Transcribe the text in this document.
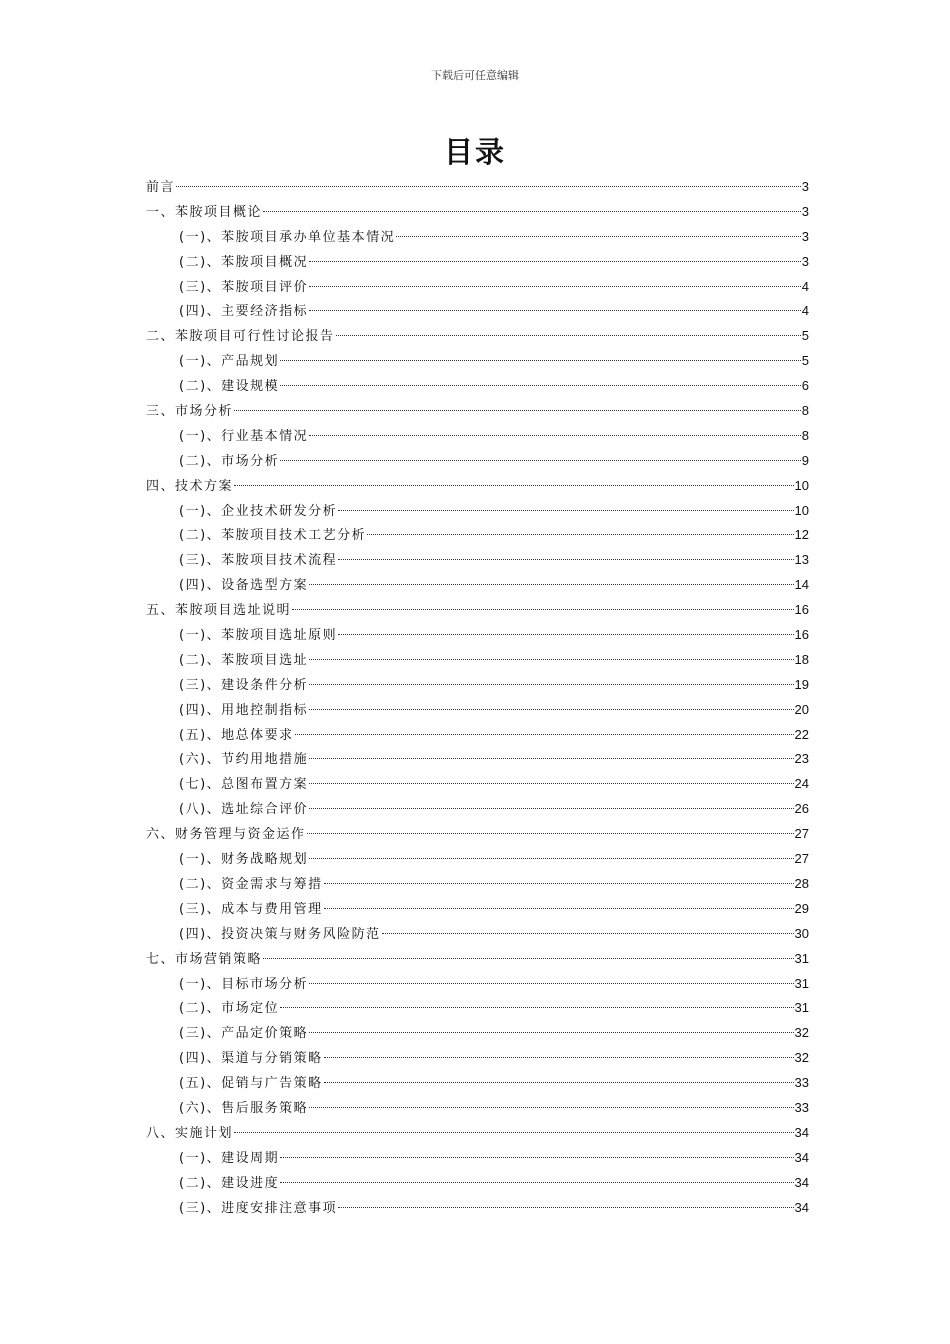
下载后可任意编辑
目录
前言	3
一、苯胺项目概论	3
(一)、苯胺项目承办单位基本情况	3
(二)、苯胺项目概况	3
(三)、苯胺项目评价	4
(四)、主要经济指标	4
二、苯胺项目可行性讨论报告	5
(一)、产品规划	5
(二)、建设规模	6
三、市场分析	8
(一)、行业基本情况	8
(二)、市场分析	9
四、技术方案	10
(一)、企业技术研发分析	10
(二)、苯胺项目技术工艺分析	12
(三)、苯胺项目技术流程	13
(四)、设备选型方案	14
五、苯胺项目选址说明	16
(一)、苯胺项目选址原则	16
(二)、苯胺项目选址	18
(三)、建设条件分析	19
(四)、用地控制指标	20
(五)、地总体要求	22
(六)、节约用地措施	23
(七)、总图布置方案	24
(八)、选址综合评价	26
六、财务管理与资金运作	27
(一)、财务战略规划	27
(二)、资金需求与筹措	28
(三)、成本与费用管理	29
(四)、投资决策与财务风险防范	30
七、市场营销策略	31
(一)、目标市场分析	31
(二)、市场定位	31
(三)、产品定价策略	32
(四)、渠道与分销策略	32
(五)、促销与广告策略	33
(六)、售后服务策略	33
八、实施计划	34
(一)、建设周期	34
(二)、建设进度	34
(三)、进度安排注意事项	34
